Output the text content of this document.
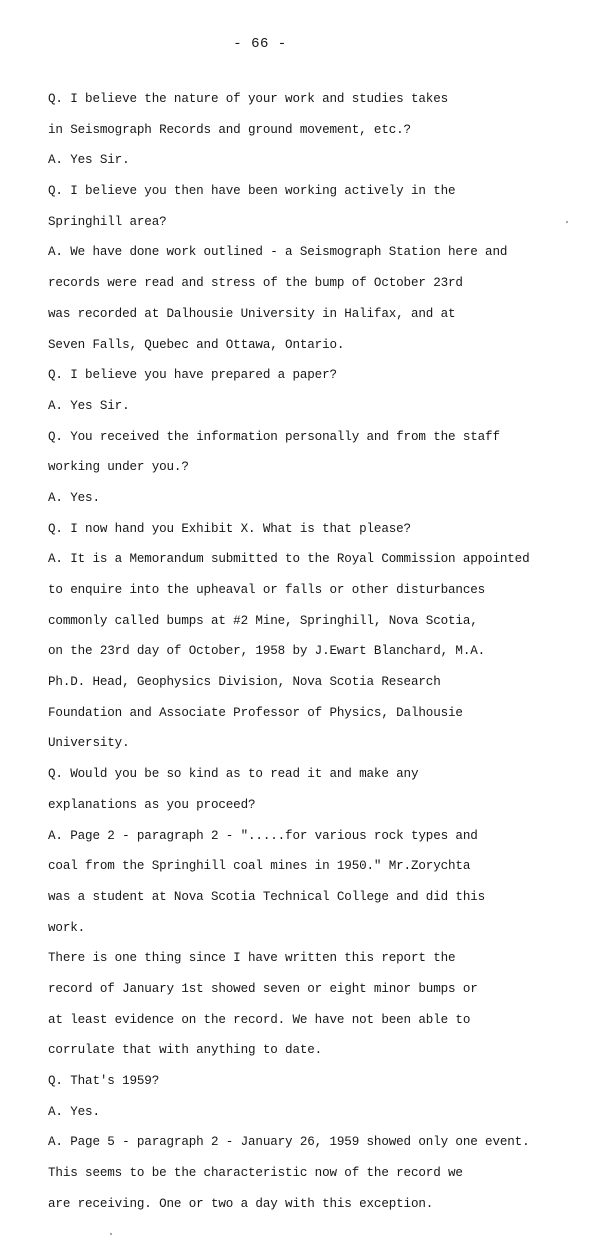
- 66 -
Q. I believe the nature of your work and studies takes
in Seismograph Records and ground movement, etc.?
A. Yes Sir.
Q. I believe you then have been working actively in the
Springhill area?
A. We have done work outlined - a Seismograph Station here and
records were read and stress of the bump of October 23rd
was recorded at Dalhousie University in Halifax, and at
Seven Falls, Quebec and Ottawa, Ontario.
Q. I believe you have prepared a paper?
A. Yes Sir.
Q. You received the information personally and from the staff
working under you.?
A. Yes.
Q. I now hand you Exhibit X. What is that please?
A. It is a Memorandum submitted to the Royal Commission appointed
to enquire into the upheaval or falls or other disturbances
commonly called bumps at #2 Mine, Springhill, Nova Scotia,
on the 23rd day of October, 1958 by J.Ewart Blanchard, M.A.
Ph.D. Head, Geophysics Division, Nova Scotia Research
Foundation and Associate Professor of Physics, Dalhousie
University.
Q. Would you be so kind as to read it and make any
explanations as you proceed?
A. Page 2 - paragraph 2 - ".....for various rock types and
coal from the Springhill coal mines in 1950." Mr.Zorychta
was a student at Nova Scotia Technical College and did this
work.
There is one thing since I have written this report the
record of January 1st showed seven or eight minor bumps or
at least evidence on the record. We have not been able to
corrulate that with anything to date.
Q. That's 1959?
A. Yes.
A. Page 5 - paragraph 2 - January 26, 1959 showed only one event.
This seems to be the characteristic now of the record we
are receiving. One or two a day with this exception.
